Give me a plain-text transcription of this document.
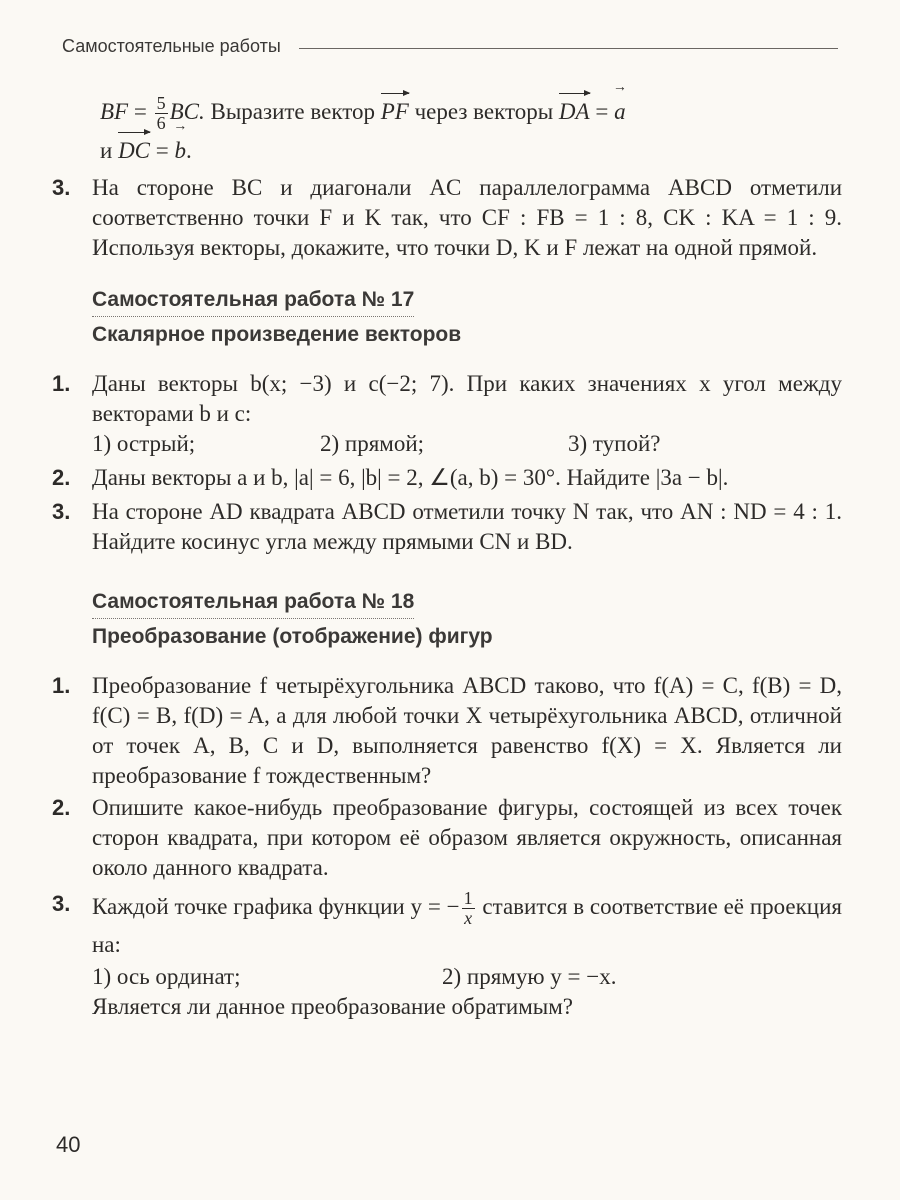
Самостоятельные работы
BF = $\frac{5}{6}$ BC. Выразите вектор
PF через векторы
DA = → a
и
DC = → b.
3. На стороне BC и диагонали AC параллелограмма ABCD отметили соответственно точки F и K так, что CF : FB = 1 : 8, CK : KA = 1 : 9. Используя векторы, докажите, что точки D, K и F лежат на одной прямой.
Самостоятельная работа № 17
Скалярное произведение векторов
1. Даны векторы b(x; −3) и c(−2; 7). При каких значениях x угол между векторами b и c:
1) острый;	2) прямой;	3) тупой?
2. Даны векторы a и b, |a| = 6, |b| = 2, ∠(a, b) = 30°. Найдите |3a − b|.
3. На стороне AD квадрата ABCD отметили точку N так, что AN : ND = 4 : 1. Найдите косинус угла между прямыми CN и BD.
Самостоятельная работа № 18
Преобразование (отображение) фигур
1. Преобразование f четырёхугольника ABCD таково, что f(A) = C, f(B) = D, f(C) = B, f(D) = A, а для любой точки X четырёхугольника ABCD, отличной от точек A, B, C и D, выполняется равенство f(X) = X. Является ли преобразование f тождественным?
2. Опишите какое-нибудь преобразование фигуры, состоящей из всех точек сторон квадрата, при котором её образом является окружность, описанная около данного квадрата.
3. Каждой точке графика функции y = − $\frac{1}{x}$ ставится в соответствие её проекция на:
1) ось ординат;	2) прямую y = −x.
Является ли данное преобразование обратимым?
40
